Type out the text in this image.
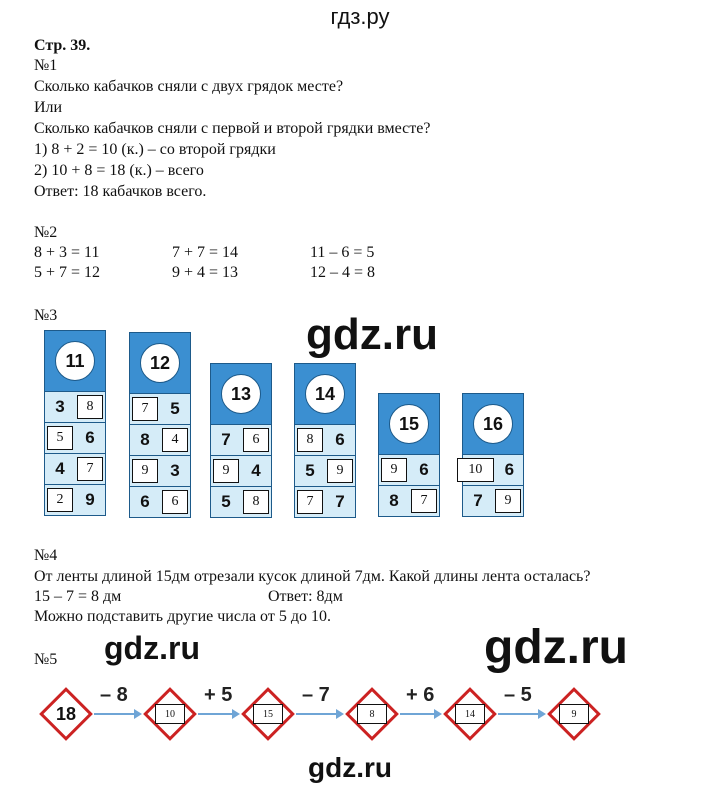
гдз.ру
Стр. 39.
№1
Сколько кабачков сняли с двух грядок месте?
Или
Сколько кабачков сняли с первой и второй грядки вместе?
1) 8 + 2 = 10 (к.) – со второй грядки
2) 10 + 8 = 18 (к.) – всего
Ответ: 18 кабачков всего.
№2
8 + 3 = 11	7 + 7 = 14	11 – 6 = 5
5 + 7 = 12	9 + 4 = 13	12 – 4 = 8
№3	gdz.ru
11
3	8
5	6
4	7
2	9
12
7	5
8	4
9	3
6	6
13
7	6
9	4
5	8
14
8	6
5	9
7	7
15
9	6
8	7
16
10	6
7	9
№4
От ленты длиной 15дм отрезали кусок длиной 7дм. Какой длины лента осталась?
15 – 7 = 8 дм	Ответ: 8дм
Можно подставить другие числа от 5 до 10.
№5 gdz.ru	gdz.ru
18
– 8
10
+ 5
15
– 7
8
+ 6
14
– 5
9
gdz.ru
